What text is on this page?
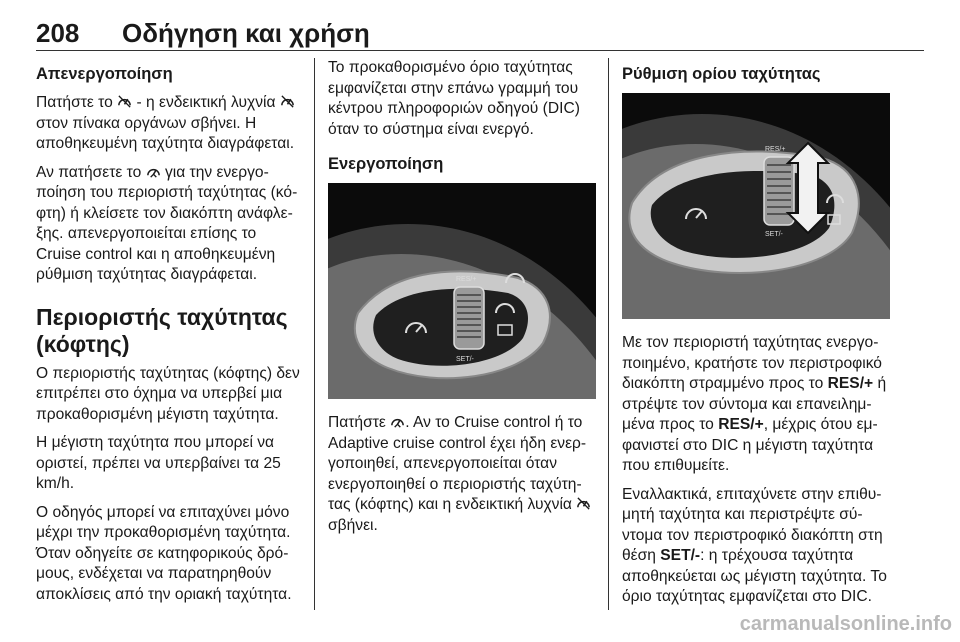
208 Οδήγηση και χρήση
Απενεργοποίηση

Πατήστε το  - η ενδεικτική λυχνία  στον πίνακα οργάνων σβήνει. Η αποθηκευμένη ταχύτητα διαγράφεται.

Αν πατήσετε το  για την ενεργοποίηση του περιοριστή ταχύτητας (κόφτη) ή κλείσετε τον διακόπτη ανάφλεξης. απενεργοποιείται επίσης το Cruise control και η αποθηκευμένη ρύθμιση ταχύτητας διαγράφεται.

Περιοριστής ταχύτητας (κόφτης)

Ο περιοριστής ταχύτητας (κόφτης) δεν επιτρέπει στο όχημα να υπερβεί μια προκαθορισμένη μέγιστη ταχύτητα.

Η μέγιστη ταχύτητα που μπορεί να οριστεί, πρέπει να υπερβαίνει τα 25 km/h.

Ο οδηγός μπορεί να επιταχύνει μόνο μέχρι την προκαθορισμένη ταχύτητα. Όταν οδηγείτε σε κατηφορικούς δρόμους, ενδέχεται να παρατηρηθούν αποκλίσεις από την οριακή ταχύτητα.

Το προκαθορισμένο όριο ταχύτητας εμφανίζεται στην επάνω γραμμή του κέντρου πληροφοριών οδηγού (DIC) όταν το σύστημα είναι ενεργό.

Ενεργοποίηση
RES/+
SET/-

Πατήστε . Αν το Cruise control ή το Adaptive cruise control έχει ήδη ενεργοποιηθεί, απενεργοποιείται όταν ενεργοποιηθεί ο περιοριστής ταχύτητας (κόφτης) και η ενδεικτική λυχνία  σβήνει.

Ρύθμιση ορίου ταχύτητας
RES/+
SET/-

Με τον περιοριστή ταχύτητας ενεργοποιημένο, κρατήστε τον περιστροφικό διακόπτη στραμμένο προς το RES/+ ή στρέψτε τον σύντομα και επανειλημμένα προς το RES/+, μέχρις ότου εμφανιστεί στο DIC η μέγιστη ταχύτητα που επιθυμείτε.

Εναλλακτικά, επιταχύνετε στην επιθυμητή ταχύτητα και περιστρέψτε σύντομα τον περιστροφικό διακόπτη στη θέση SET/-: η τρέχουσα ταχύτητα αποθηκεύεται ως μέγιστη ταχύτητα. Το όριο ταχύτητας εμφανίζεται στο DIC.

carmanualsonline.info
